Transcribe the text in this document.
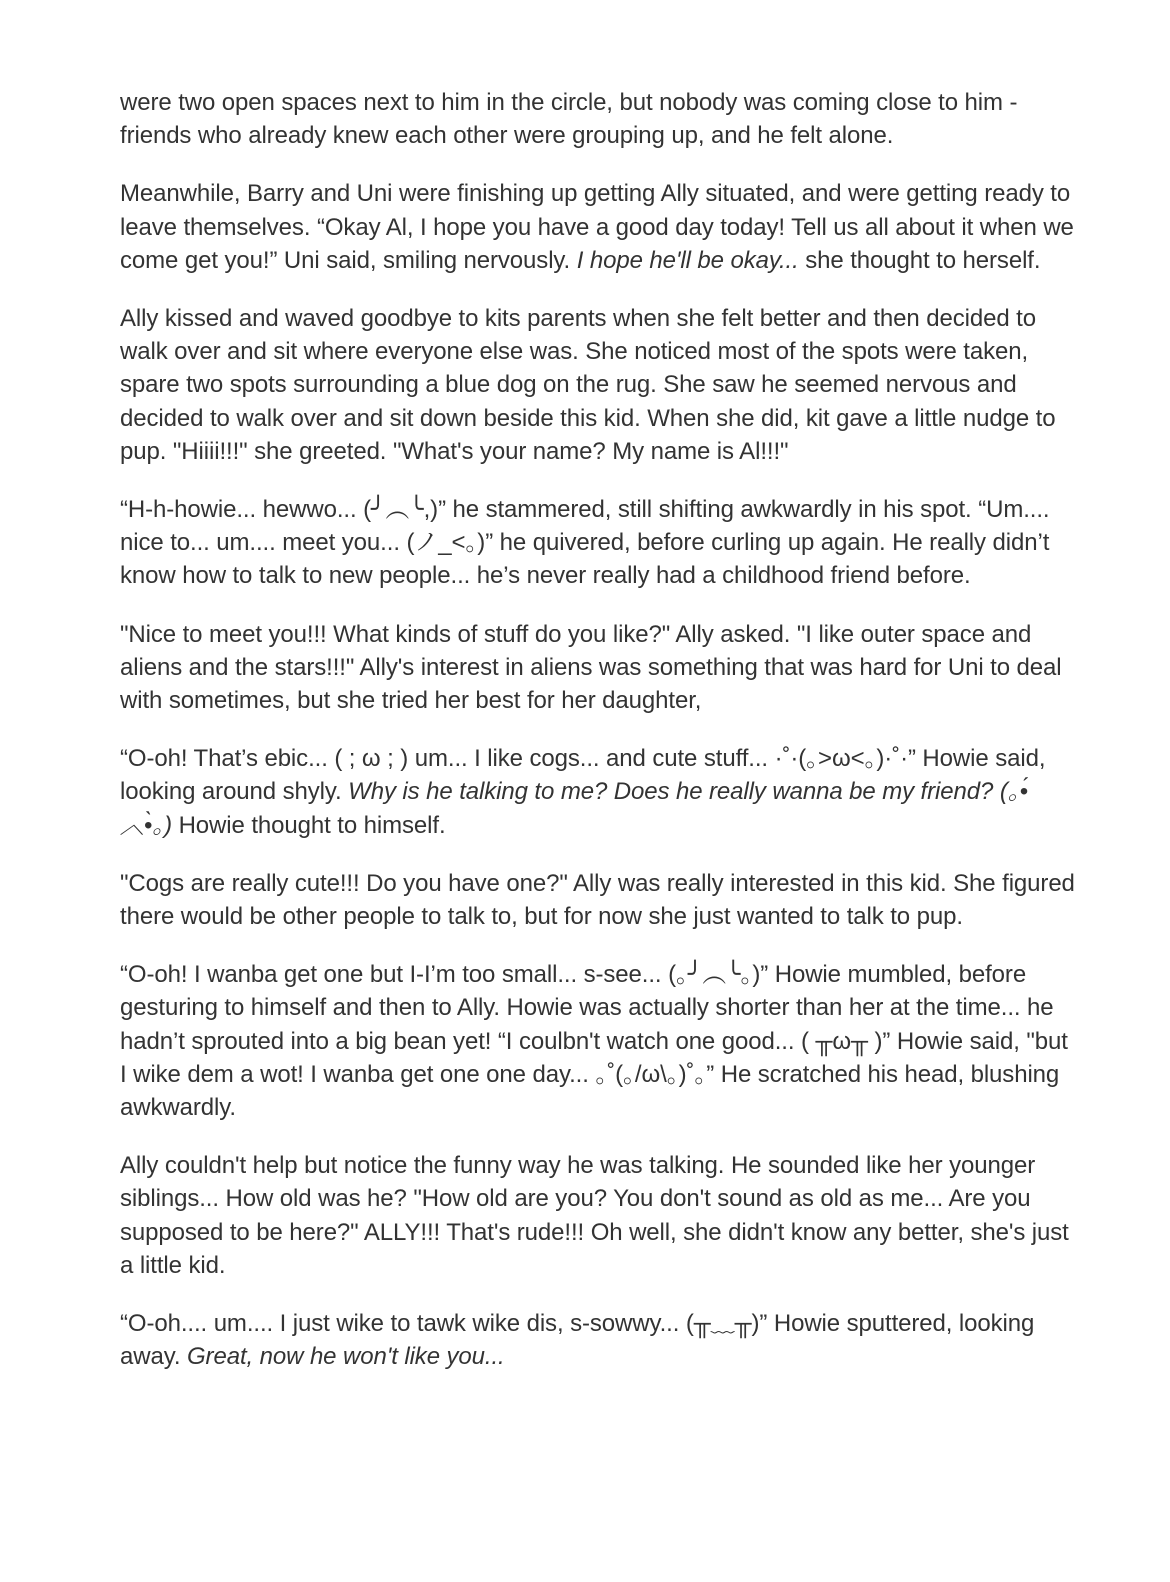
were two open spaces next to him in the circle, but nobody was coming close to him - friends who already knew each other were grouping up, and he felt alone.

Meanwhile, Barry and Uni were finishing up getting Ally situated, and were getting ready to leave themselves. “Okay Al, I hope you have a good day today! Tell us all about it when we come get you!” Uni said, smiling nervously. I hope he'll be okay... she thought to herself.

Ally kissed and waved goodbye to kits parents when she felt better and then decided to walk over and sit where everyone else was. She noticed most of the spots were taken, spare two spots surrounding a blue dog on the rug. She saw he seemed nervous and decided to walk over and sit down beside this kid. When she did, kit gave a little nudge to pup. "Hiiii!!!" she greeted. "What's your name? My name is Al!!!"

“H-h-howie... hewwo... (╯︵╰,)” he stammered, still shifting awkwardly in his spot. “Um.... nice to... um.... meet you... (ノ_<。)” he quivered, before curling up again. He really didn’t know how to talk to new people... he’s never really had a childhood friend before.

"Nice to meet you!!! What kinds of stuff do you like?" Ally asked. "I like outer space and aliens and the stars!!!" Ally's interest in aliens was something that was hard for Uni to deal with sometimes, but she tried her best for her daughter,

“O-oh! That’s ebic... ( ; ω ; ) um... I like cogs... and cute stuff... ·˚·(｡>ω<｡)·˚·” Howie said, looking around shyly. Why is he talking to me? Does he really wanna be my friend? (｡•́︿•̀｡) Howie thought to himself.

"Cogs are really cute!!! Do you have one?" Ally was really interested in this kid. She figured there would be other people to talk to, but for now she just wanted to talk to pup.

“O-oh! I wanba get one but I-I’m too small... s-see... (｡╯︵╰｡)” Howie mumbled, before gesturing to himself and then to Ally. Howie was actually shorter than her at the time... he hadn’t sprouted into a big bean yet! “I coulbn't watch one good... ( ╥ω╥ )” Howie said, "but I wike dem a wot! I wanba get one one day... ｡˚(｡/ω\｡)˚｡” He scratched his head, blushing awkwardly.

Ally couldn't help but notice the funny way he was talking. He sounded like her younger siblings... How old was he? "How old are you? You don't sound as old as me... Are you supposed to be here?" ALLY!!! That's rude!!! Oh well, she didn't know any better, she's just a little kid.

“O-oh.... um.... I just wike to tawk wike dis, s-sowwy... (╥﹏╥)” Howie sputtered, looking away. Great, now he won't like you...
